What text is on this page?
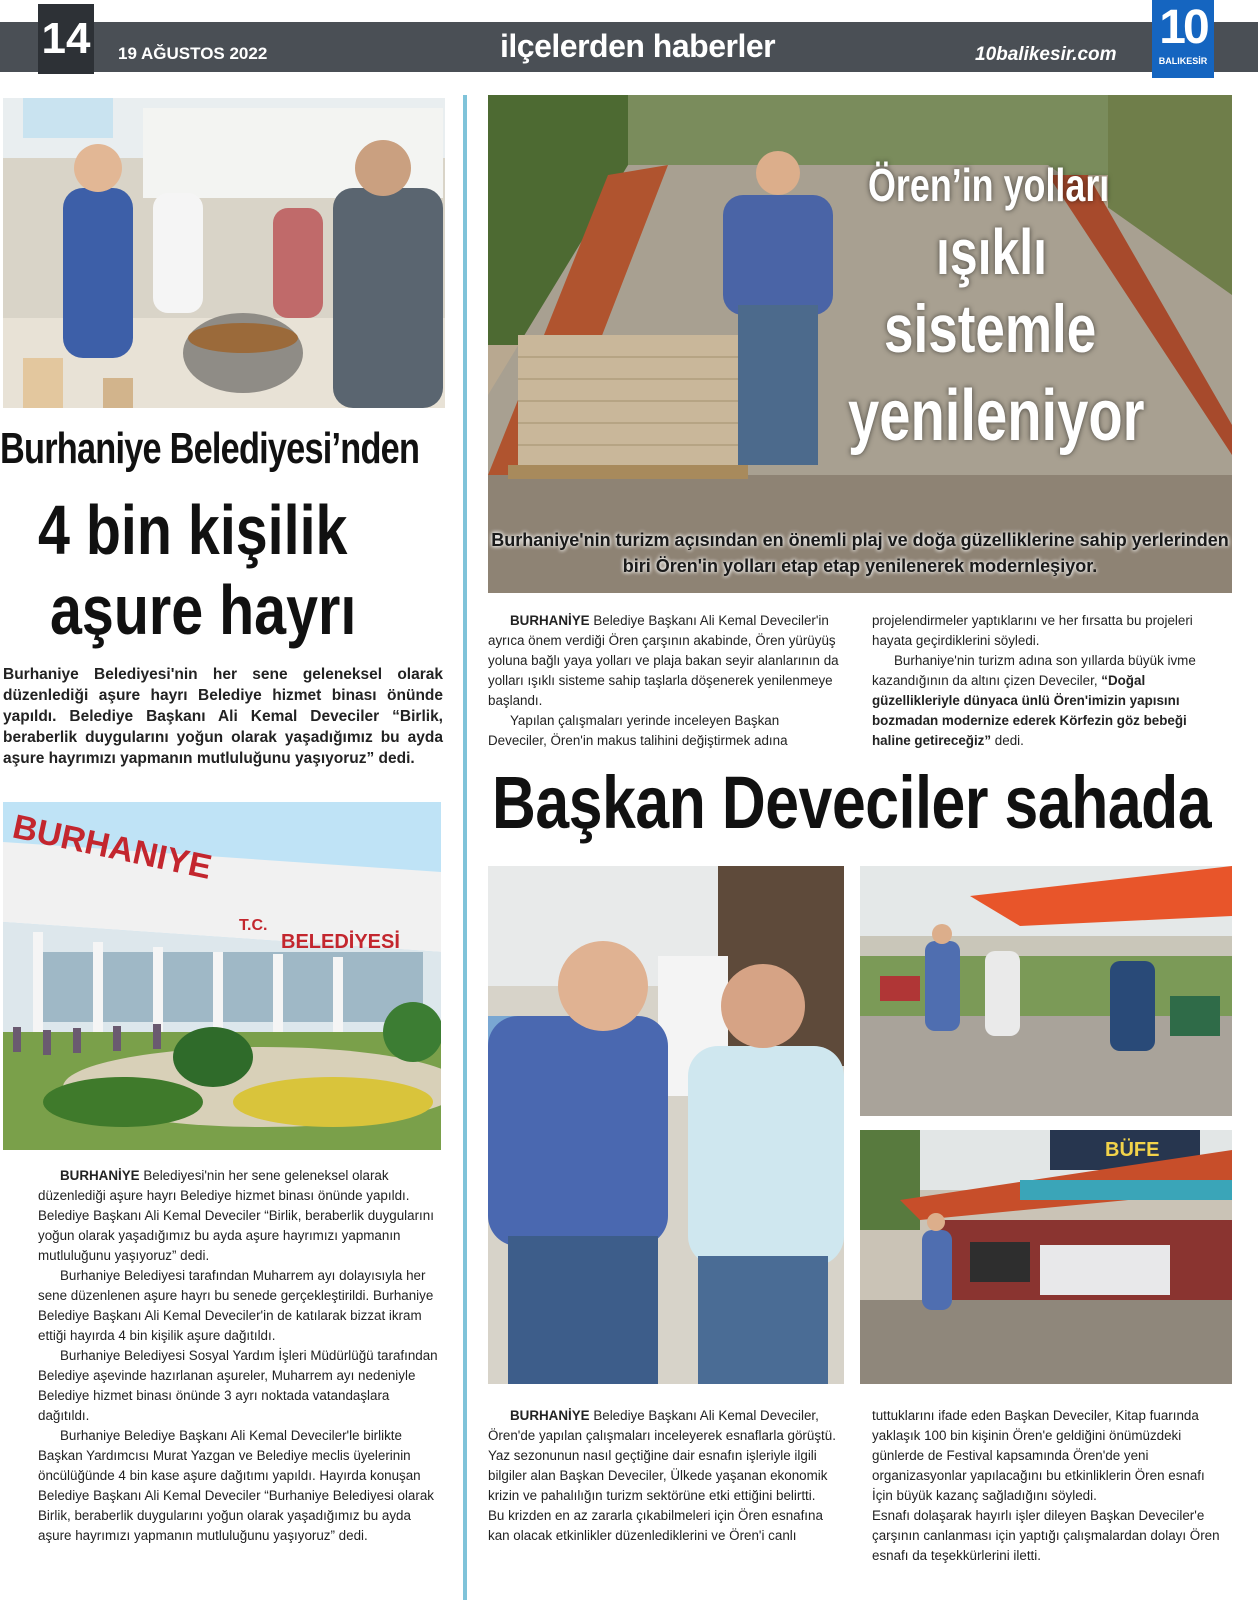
14 19 AĞUSTOS 2022	ilçelerden haberler	10balikesir.com
10
BALIKESİR
Burhaniye Belediyesi’nden
4 bin kişilik
aşure hayrı
Burhaniye Belediyesi'nin her sene geleneksel olarak düzenlediği aşure hayrı Belediye hizmet binası önünde yapıldı. Belediye Başkanı Ali Kemal Deveciler “Birlik, beraberlik duygularını yoğun olarak yaşadığımız bu ayda aşure hayrımızı yapmanın mutluluğunu yaşıyoruz” dedi.
BURHANIYE
T.C.
BELEDİYESİ

BURHANİYE Belediyesi'nin her sene geleneksel olarak düzenlediği aşure hayrı Belediye hizmet binası önünde yapıldı. Belediye Başkanı Ali Kemal Deveciler “Birlik, beraberlik duygularını yoğun olarak yaşadığımız bu ayda aşure hayrımızı yapmanın mutluluğunu yaşıyoruz” dedi.

Burhaniye Belediyesi tarafından Muharrem ayı dolayısıyla her sene düzenlenen aşure hayrı bu senede gerçekleştirildi. Burhaniye Belediye Başkanı Ali Kemal Deveciler'in de katılarak bizzat ikram ettiği hayırda 4 bin kişilik aşure dağıtıldı.

Burhaniye Belediyesi Sosyal Yardım İşleri Müdürlüğü tarafından Belediye aşevinde hazırlanan aşureler, Muharrem ayı nedeniyle Belediye hizmet binası önünde 3 ayrı noktada vatandaşlara dağıtıldı.

Burhaniye Belediye Başkanı Ali Kemal Deveciler'le birlikte Başkan Yardımcısı Murat Yazgan ve Belediye meclis üyelerinin öncülüğünde 4 bin kase aşure dağıtımı yapıldı. Hayırda konuşan Belediye Başkanı Ali Kemal Deveciler “Burhaniye Belediyesi olarak Birlik, beraberlik duygularını yoğun olarak yaşadığımız bu ayda aşure hayrımızı yapmanın mutluluğunu yaşıyoruz” dedi.

Ören’in yolları
ışıklı
sistemle
yenileniyor
Burhaniye'nin turizm açısından en önemli plaj ve doğa güzelliklerine sahip yerlerinden biri Ören'in yolları etap etap yenilenerek modernleşiyor.

BURHANİYE Belediye Başkanı Ali Kemal Deveciler'in ayrıca önem verdiği Ören çarşının akabinde, Ören yürüyüş yoluna bağlı yaya yolları ve plaja bakan seyir alanlarının da yolları ışıklı sisteme sahip taşlarla döşenerek yenilenmeye başlandı.

Yapılan çalışmaları yerinde inceleyen Başkan Deveciler, Ören'in makus talihini değiştirmek adına

projelendirmeler yaptıklarını ve her fırsatta bu projeleri hayata geçirdiklerini söyledi.

Burhaniye'nin turizm adına son yıllarda büyük ivme kazandığının da altını çizen Deveciler, “Doğal güzellikleriyle dünyaca ünlü Ören'imizin yapısını bozmadan modernize ederek Körfezin göz bebeği haline getireceğiz” dedi.

Başkan Deveciler sahada
BÜFE

BURHANİYE Belediye Başkanı Ali Kemal Deveciler, Ören'de yapılan çalışmaları inceleyerek esnaflarla görüştü. Yaz sezonunun nasıl geçtiğine dair esnafın işleriyle ilgili bilgiler alan Başkan Deveciler, Ülkede yaşanan ekonomik krizin ve pahalılığın turizm sektörüne etki ettiğini belirtti.

Bu krizden en az zararla çıkabilmeleri için Ören esnafına kan olacak etkinlikler düzenlediklerini ve Ören'i canlı

tuttuklarını ifade eden Başkan Deveciler, Kitap fuarında yaklaşık 100 bin kişinin Ören'e geldiğini önümüzdeki günlerde de Festival kapsamında Ören'de yeni organizasyonlar yapılacağını bu etkinliklerin Ören esnafı İçin büyük kazanç sağladığını söyledi.

Esnafı dolaşarak hayırlı işler dileyen Başkan Deveciler'e çarşının canlanması için yaptığı çalışmalardan dolayı Ören esnafı da teşekkürlerini iletti.
